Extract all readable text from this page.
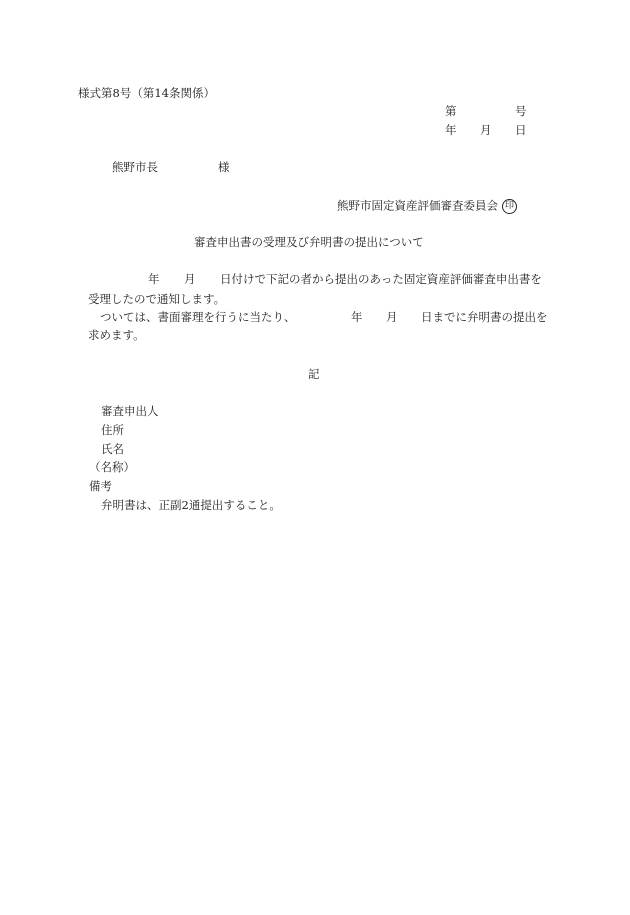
様式第8号（第14条関係）
第	号
年 月 日
熊野市長	様
熊野市固定資産評価審査委員会 印
審査申出書の受理及び弁明書の提出について
年 月 日付けで下記の者から提出のあった固定資産評価審査申出書を
受理したので通知します。
ついては、書面審理を行うに当たり、	年 月 日までに弁明書の提出を
求めます。
記
審査申出人
住所
氏名
（名称）
備考
弁明書は、正副2通提出すること。
